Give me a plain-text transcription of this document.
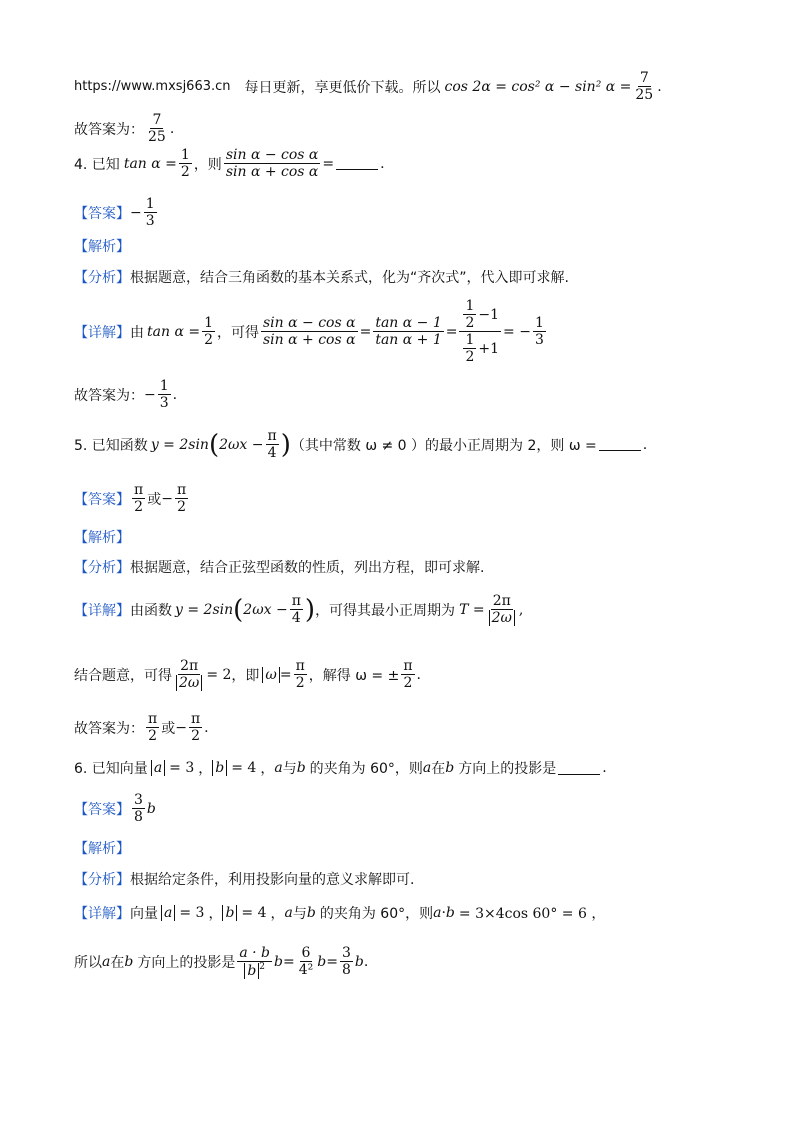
https://www.mxsj663.cn 每日更新，享更低价下载。 所以 cos 2α = cos² α − sin² $\alpha = \frac{7}{25}$ .
故答案为： $\frac{7}{25}$ .
4. 已知 $\tan \alpha = \frac{1}{2}$ ，则 $\frac{\text{sin α − cos α}}{\text{sin α + cos α}}$ =	.
【答案】 − $\frac{1}{3}$
【解析】
【分析】 根据题意，结合三角函数的基本关系式，化为“齐次式”，代入即可求解.
【详解】 由 $\tan \alpha = \frac{1}{2}$ ，可得 $\frac{\text{sin α − cos α}}{\text{sin α + cos α}} = \frac{\text{tan α − 1}}{\text{tan α + 1}} = \frac{\frac{1}{2} -1}{\frac{1}{2} +1}$ = − $\frac{1}{3}$
故答案为： − $\frac{1}{3}$ .
5. 已知函数 y = 2sin ( $2\omega x - \frac{\pi}{4}$ ) （其中常数 ω ≠ 0 ）的最小正周期为 2，则 ω =	.
【答案】 $\frac{\pi}{2}$ 或 − $\frac{\pi}{2}$
【解析】
【分析】 根据题意，结合正弦型函数的性质，列出方程，即可求解.
【详解】 由函数 y = 2sin ( $2\omega x - \frac{\pi}{4}$ ) ，可得其最小正周期为 $T = \frac{2\pi}{2\omega}$ ,
结合题意，可得 $\frac{2\pi}{2\omega} = 2$ ，即 $\omega = \frac{\pi}{2}$ ，解得 ω = ± $\frac{\pi}{2}$ .
故答案为： $\frac{\pi}{2}$ 或 − $\frac{\pi}{2}$ .
6. 已知向量 a = 3 ， b = 4 ， a 与 b 的夹角为 60°，则 a 在 b 方向上的投影是	.
【答案】 $\frac{3}{8}$ b
【解析】
【分析】 根据给定条件，利用投影向量的意义求解即可.
【详解】 向量 a = 3 ， b = 4 ， a 与 b 的夹角为 60°，则 a · b = 3×4cos 60° = 6 ，
所以 a 在 b 方向上的投影是 $\frac{a \cdot b}{b ^2}$ $b = \frac{6}{\text{4²}}$ $b = \frac{3}{8}$ b .
